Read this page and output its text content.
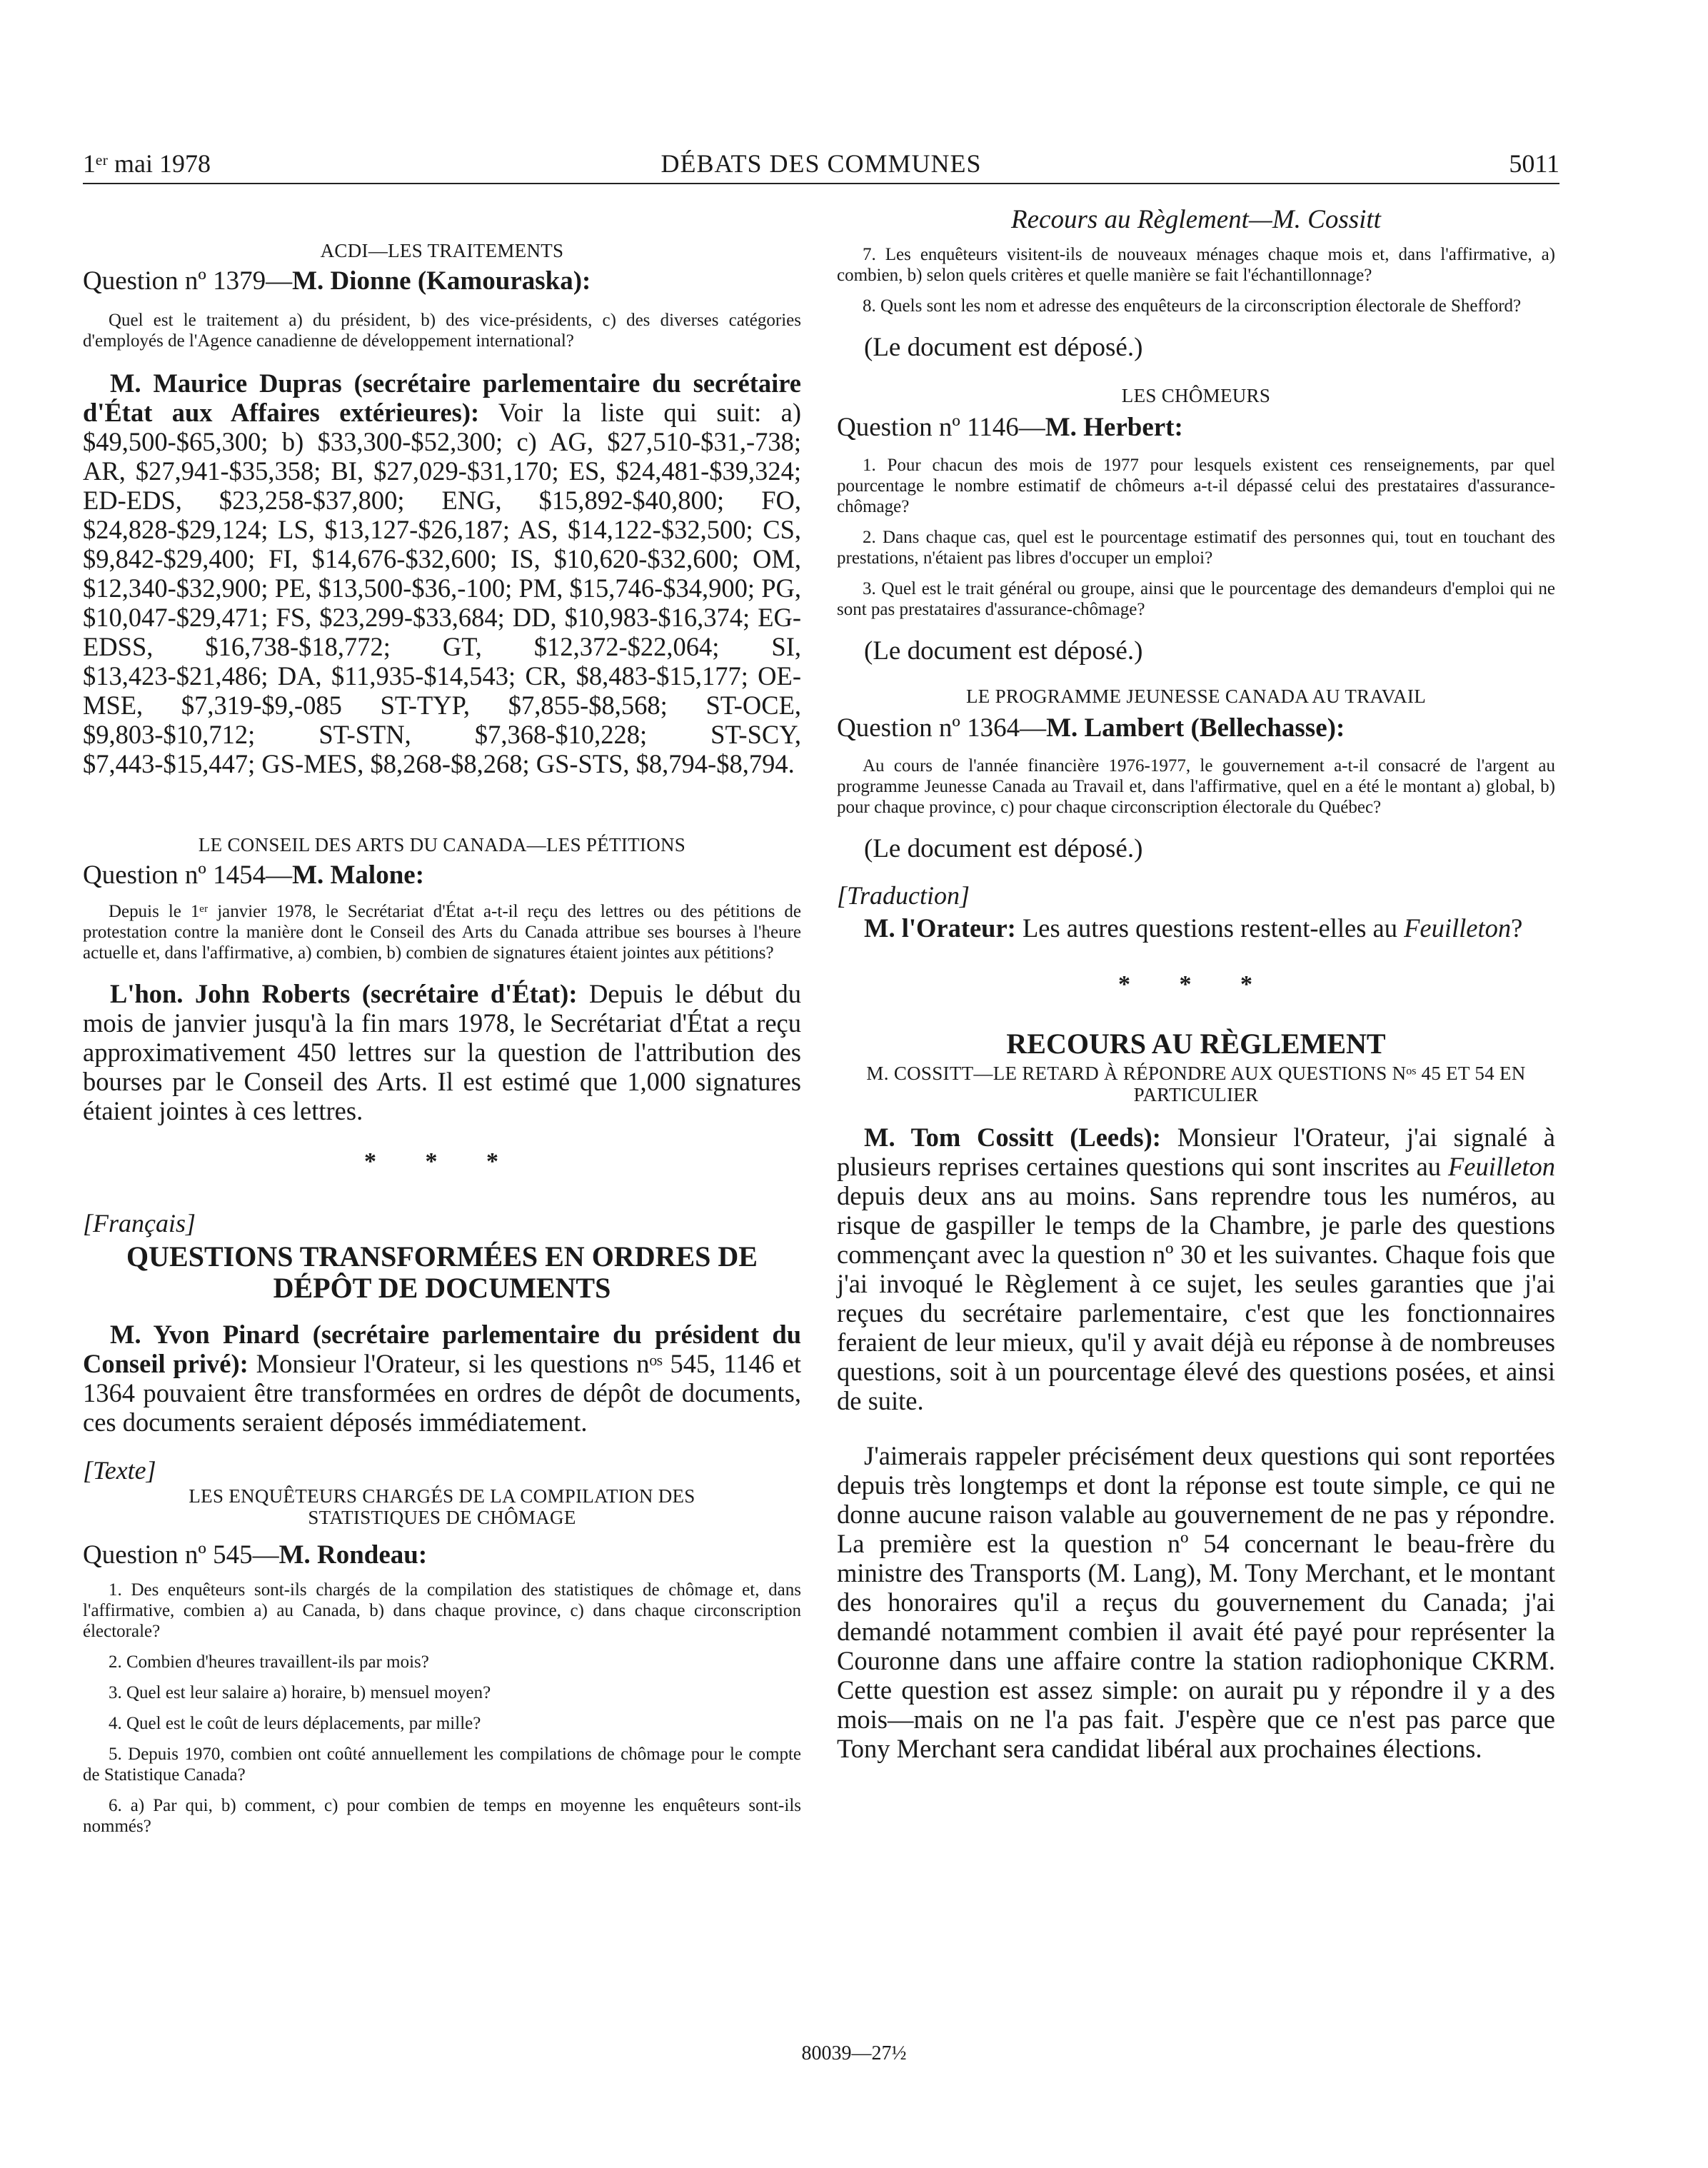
1ᵉʳ mai 1978	DÉBATS DES COMMUNES	5011

ACDI—LES TRAITEMENTS

Question nº 1379—M. Dionne (Kamouraska):

Quel est le traitement a) du président, b) des vice-présidents, c) des diverses catégories d'employés de l'Agence canadienne de développement international?

M. Maurice Dupras (secrétaire parlementaire du secrétaire d'État aux Affaires extérieures): Voir la liste qui suit: a) $49,500-$65,300; b) $33,300-$52,300; c) AG, $27,510-$31,-738; AR, $27,941-$35,358; BI, $27,029-$31,170; ES, $24,481-$39,324; ED-EDS, $23,258-$37,800; ENG, $15,892-$40,800; FO, $24,828-$29,124; LS, $13,127-$26,187; AS, $14,122-$32,500; CS, $9,842-$29,400; FI, $14,676-$32,600; IS, $10,620-$32,600; OM, $12,340-$32,900; PE, $13,500-$36,-100; PM, $15,746-$34,900; PG, $10,047-$29,471; FS, $23,299-$33,684; DD, $10,983-$16,374; EG-EDSS, $16,738-$18,772; GT, $12,372-$22,064; SI, $13,423-$21,486; DA, $11,935-$14,543; CR, $8,483-$15,177; OE-MSE, $7,319-$9,-085 ST-TYP, $7,855-$8,568; ST-OCE, $9,803-$10,712; ST-STN, $7,368-$10,228; ST-SCY, $7,443-$15,447; GS-MES, $8,268-$8,268; GS-STS, $8,794-$8,794.

LE CONSEIL DES ARTS DU CANADA—LES PÉTITIONS

Question nº 1454—M. Malone:

Depuis le 1ᵉʳ janvier 1978, le Secrétariat d'État a-t-il reçu des lettres ou des pétitions de protestation contre la manière dont le Conseil des Arts du Canada attribue ses bourses à l'heure actuelle et, dans l'affirmative, a) combien, b) combien de signatures étaient jointes aux pétitions?

L'hon. John Roberts (secrétaire d'État): Depuis le début du mois de janvier jusqu'à la fin mars 1978, le Secrétariat d'État a reçu approximativement 450 lettres sur la question de l'attribution des bourses par le Conseil des Arts. Il est estimé que 1,000 signatures étaient jointes à ces lettres.

* * *

[Français]

QUESTIONS TRANSFORMÉES EN ORDRES DE DÉPÔT DE DOCUMENTS

M. Yvon Pinard (secrétaire parlementaire du président du Conseil privé): Monsieur l'Orateur, si les questions nᵒˢ 545, 1146 et 1364 pouvaient être transformées en ordres de dépôt de documents, ces documents seraient déposés immédiatement.

[Texte]

LES ENQUÊTEURS CHARGÉS DE LA COMPILATION DES STATISTIQUES DE CHÔMAGE

Question nº 545—M. Rondeau:

1. Des enquêteurs sont-ils chargés de la compilation des statistiques de chômage et, dans l'affirmative, combien a) au Canada, b) dans chaque province, c) dans chaque circonscription électorale?

2. Combien d'heures travaillent-ils par mois?

3. Quel est leur salaire a) horaire, b) mensuel moyen?

4. Quel est le coût de leurs déplacements, par mille?

5. Depuis 1970, combien ont coûté annuellement les compilations de chômage pour le compte de Statistique Canada?

6. a) Par qui, b) comment, c) pour combien de temps en moyenne les enquêteurs sont-ils nommés?

Recours au Règlement—M. Cossitt

7. Les enquêteurs visitent-ils de nouveaux ménages chaque mois et, dans l'affirmative, a) combien, b) selon quels critères et quelle manière se fait l'échantillonnage?

8. Quels sont les nom et adresse des enquêteurs de la circonscription électorale de Shefford?

(Le document est déposé.)

LES CHÔMEURS

Question nº 1146—M. Herbert:

1. Pour chacun des mois de 1977 pour lesquels existent ces renseignements, par quel pourcentage le nombre estimatif de chômeurs a-t-il dépassé celui des prestataires d'assurance-chômage?

2. Dans chaque cas, quel est le pourcentage estimatif des personnes qui, tout en touchant des prestations, n'étaient pas libres d'occuper un emploi?

3. Quel est le trait général ou groupe, ainsi que le pourcentage des demandeurs d'emploi qui ne sont pas prestataires d'assurance-chômage?

(Le document est déposé.)

LE PROGRAMME JEUNESSE CANADA AU TRAVAIL

Question nº 1364—M. Lambert (Bellechasse):

Au cours de l'année financière 1976-1977, le gouvernement a-t-il consacré de l'argent au programme Jeunesse Canada au Travail et, dans l'affirmative, quel en a été le montant a) global, b) pour chaque province, c) pour chaque circonscription électorale du Québec?

(Le document est déposé.)

[Traduction]

M. l'Orateur: Les autres questions restent-elles au Feuilleton?

* * *

RECOURS AU RÈGLEMENT

M. COSSITT—LE RETARD À RÉPONDRE AUX QUESTIONS Nᵒˢ 45 ET 54 EN PARTICULIER

M. Tom Cossitt (Leeds): Monsieur l'Orateur, j'ai signalé à plusieurs reprises certaines questions qui sont inscrites au Feuilleton depuis deux ans au moins. Sans reprendre tous les numéros, au risque de gaspiller le temps de la Chambre, je parle des questions commençant avec la question nº 30 et les suivantes. Chaque fois que j'ai invoqué le Règlement à ce sujet, les seules garanties que j'ai reçues du secrétaire parlementaire, c'est que les fonctionnaires feraient de leur mieux, qu'il y avait déjà eu réponse à de nombreuses questions, soit à un pourcentage élevé des questions posées, et ainsi de suite.

J'aimerais rappeler précisément deux questions qui sont reportées depuis très longtemps et dont la réponse est toute simple, ce qui ne donne aucune raison valable au gouvernement de ne pas y répondre. La première est la question nº 54 concernant le beau-frère du ministre des Transports (M. Lang), M. Tony Merchant, et le montant des honoraires qu'il a reçus du gouvernement du Canada; j'ai demandé notamment combien il avait été payé pour représenter la Couronne dans une affaire contre la station radiophonique CKRM. Cette question est assez simple: on aurait pu y répondre il y a des mois—mais on ne l'a pas fait. J'espère que ce n'est pas parce que Tony Merchant sera candidat libéral aux prochaines élections.

80039—27½
